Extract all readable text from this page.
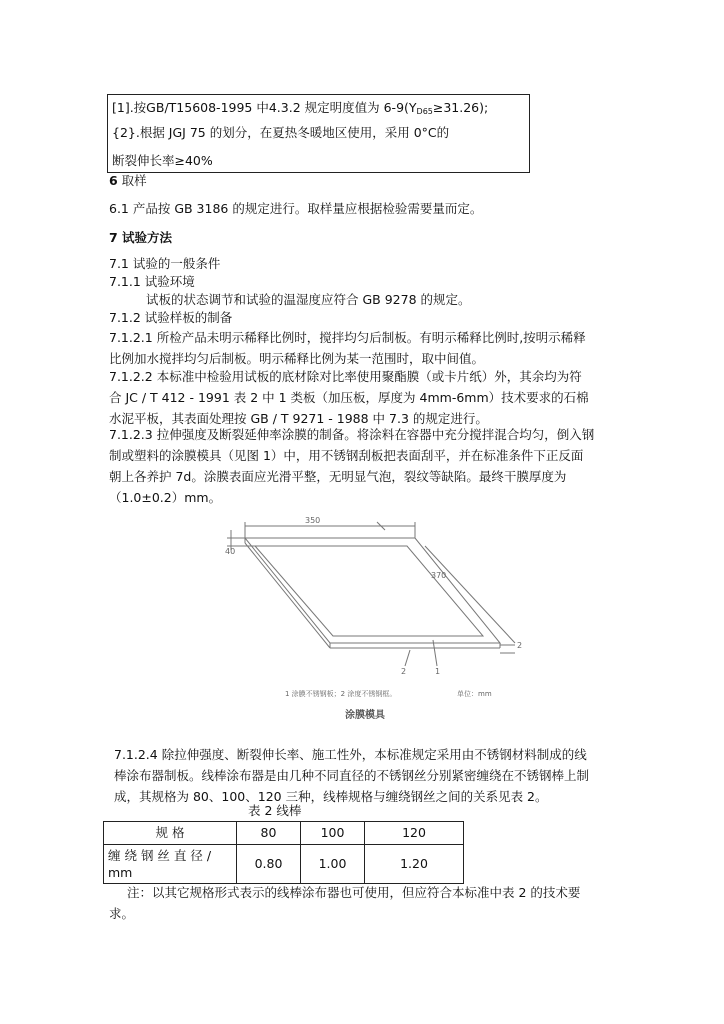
[1].按GB/T15608-1995 中4.3.2 规定明度值为 $6-9(Y_{D65}\ge 31.26)$;
{2}.根据 JGJ 75 的划分，在夏热冬暖地区使用，采用 0°C的
断裂伸长率≥40%
6 取样
6.1 产品按 GB 3186 的规定进行。取样量应根据检验需要量而定。
7 试验方法
7.1 试验的一般条件
7.1.1 试验环境
试板的状态调节和试验的温湿度应符合 GB 9278 的规定。
7.1.2 试验样板的制备
7.1.2.1 所检产品未明示稀释比例时，搅拌均匀后制板。有明示稀释比例时,按明示稀释
比例加水搅拌均匀后制板。明示稀释比例为某一范围时，取中间值。
7.1.2.2 本标准中检验用试板的底材除对比率使用聚酯膜（或卡片纸）外，其余均为符
合 JC / T 412 - 1991 表 2 中 1 类板（加压板，厚度为 4mm-6mm）技术要求的石棉
水泥平板，其表面处理按 GB / T 9271 - 1988 中 7.3 的规定进行。
7.1.2.3 拉伸强度及断裂延伸率涂膜的制备。将涂料在容器中充分搅拌混合均匀，倒入钢
制或塑料的涂膜模具（见图 1）中，用不锈钢刮板把表面刮平，并在标准条件下正反面
朝上各养护 7d。涂膜表面应光滑平整，无明显气泡，裂纹等缺陷。最终干膜厚度为
（1.0±0.2）mm。
350
40
370
2
2	1
1 涂膜不锈钢板；2 涂度不锈钢框。	单位：mm
涂膜模具
7.1.2.4 除拉伸强度、断裂伸长率、施工性外，本标准规定采用由不锈钢材料制成的线
棒涂布器制板。线棒涂布器是由几种不同直径的不锈钢丝分别紧密缠绕在不锈钢棒上制
成，其规格为 80、100、120 三种，线棒规格与缠绕钢丝之间的关系见表 2。
表 2 线棒
规 格	80	100	120
缠 绕 钢 丝 直 径 /
mm	0.80	1.00	1.20
注：以其它规格形式表示的线棒涂布器也可使用，但应符合本标准中表 2 的技术要
求。
